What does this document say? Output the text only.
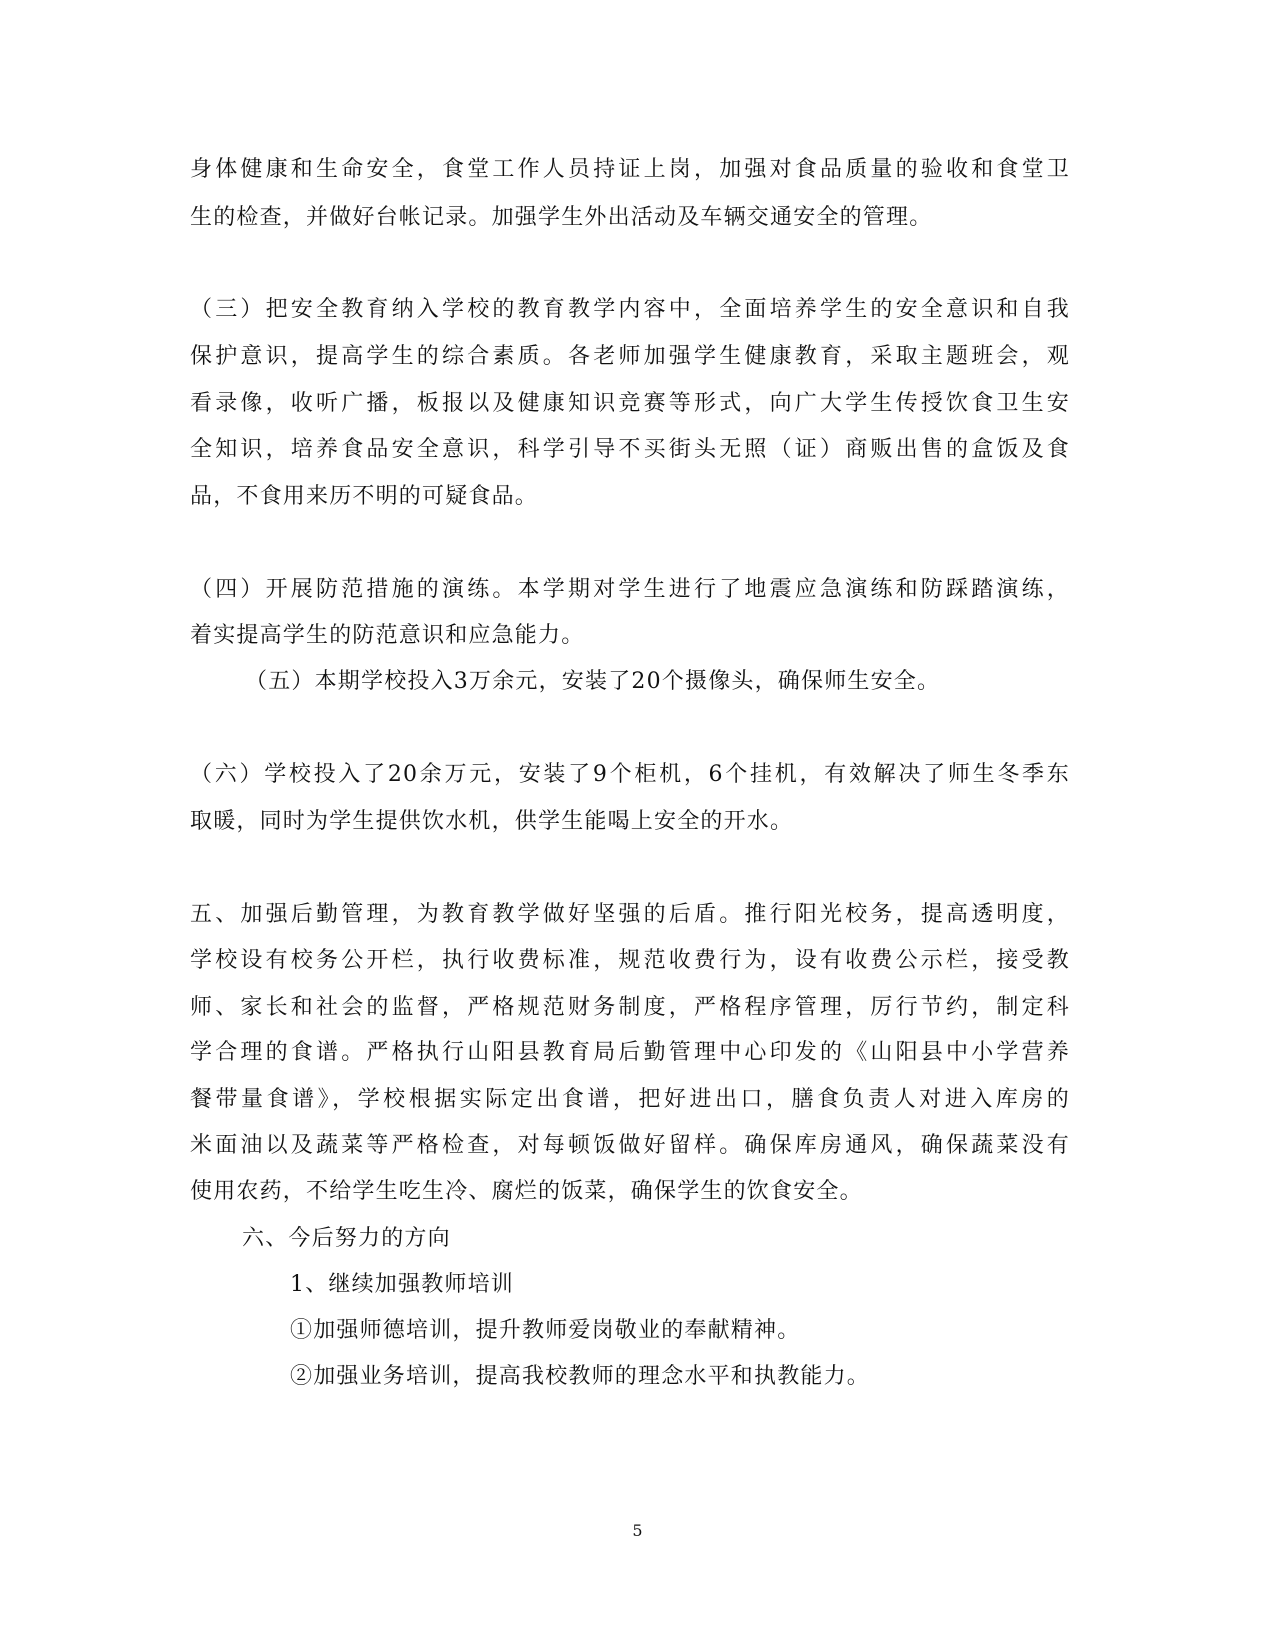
身体健康和生命安全，食堂工作人员持证上岗，加强对食品质量的验收和食堂卫
生的检查，并做好台帐记录。加强学生外出活动及车辆交通安全的管理。
（三）把安全教育纳入学校的教育教学内容中，全面培养学生的安全意识和自我
保护意识，提高学生的综合素质。各老师加强学生健康教育，采取主题班会，观
看录像，收听广播，板报以及健康知识竞赛等形式，向广大学生传授饮食卫生安
全知识，培养食品安全意识，科学引导不买街头无照（证）商贩出售的盒饭及食
品，不食用来历不明的可疑食品。
（四）开展防范措施的演练。本学期对学生进行了地震应急演练和防踩踏演练，
着实提高学生的防范意识和应急能力。
（五）本期学校投入3万余元，安装了20个摄像头，确保师生安全。
（六）学校投入了20余万元，安装了9个柜机，6个挂机，有效解决了师生冬季东
取暖，同时为学生提供饮水机，供学生能喝上安全的开水。
五、加强后勤管理，为教育教学做好坚强的后盾。推行阳光校务，提高透明度，
学校设有校务公开栏，执行收费标准，规范收费行为，设有收费公示栏，接受教
师、家长和社会的监督，严格规范财务制度，严格程序管理，厉行节约，制定科
学合理的食谱。严格执行山阳县教育局后勤管理中心印发的《山阳县中小学营养
餐带量食谱》，学校根据实际定出食谱，把好进出口，膳食负责人对进入库房的
米面油以及蔬菜等严格检查，对每顿饭做好留样。确保库房通风，确保蔬菜没有
使用农药，不给学生吃生冷、腐烂的饭菜，确保学生的饮食安全。
六、今后努力的方向
1、继续加强教师培训
①加强师德培训，提升教师爱岗敬业的奉献精神。
②加强业务培训，提高我校教师的理念水平和执教能力。
5
